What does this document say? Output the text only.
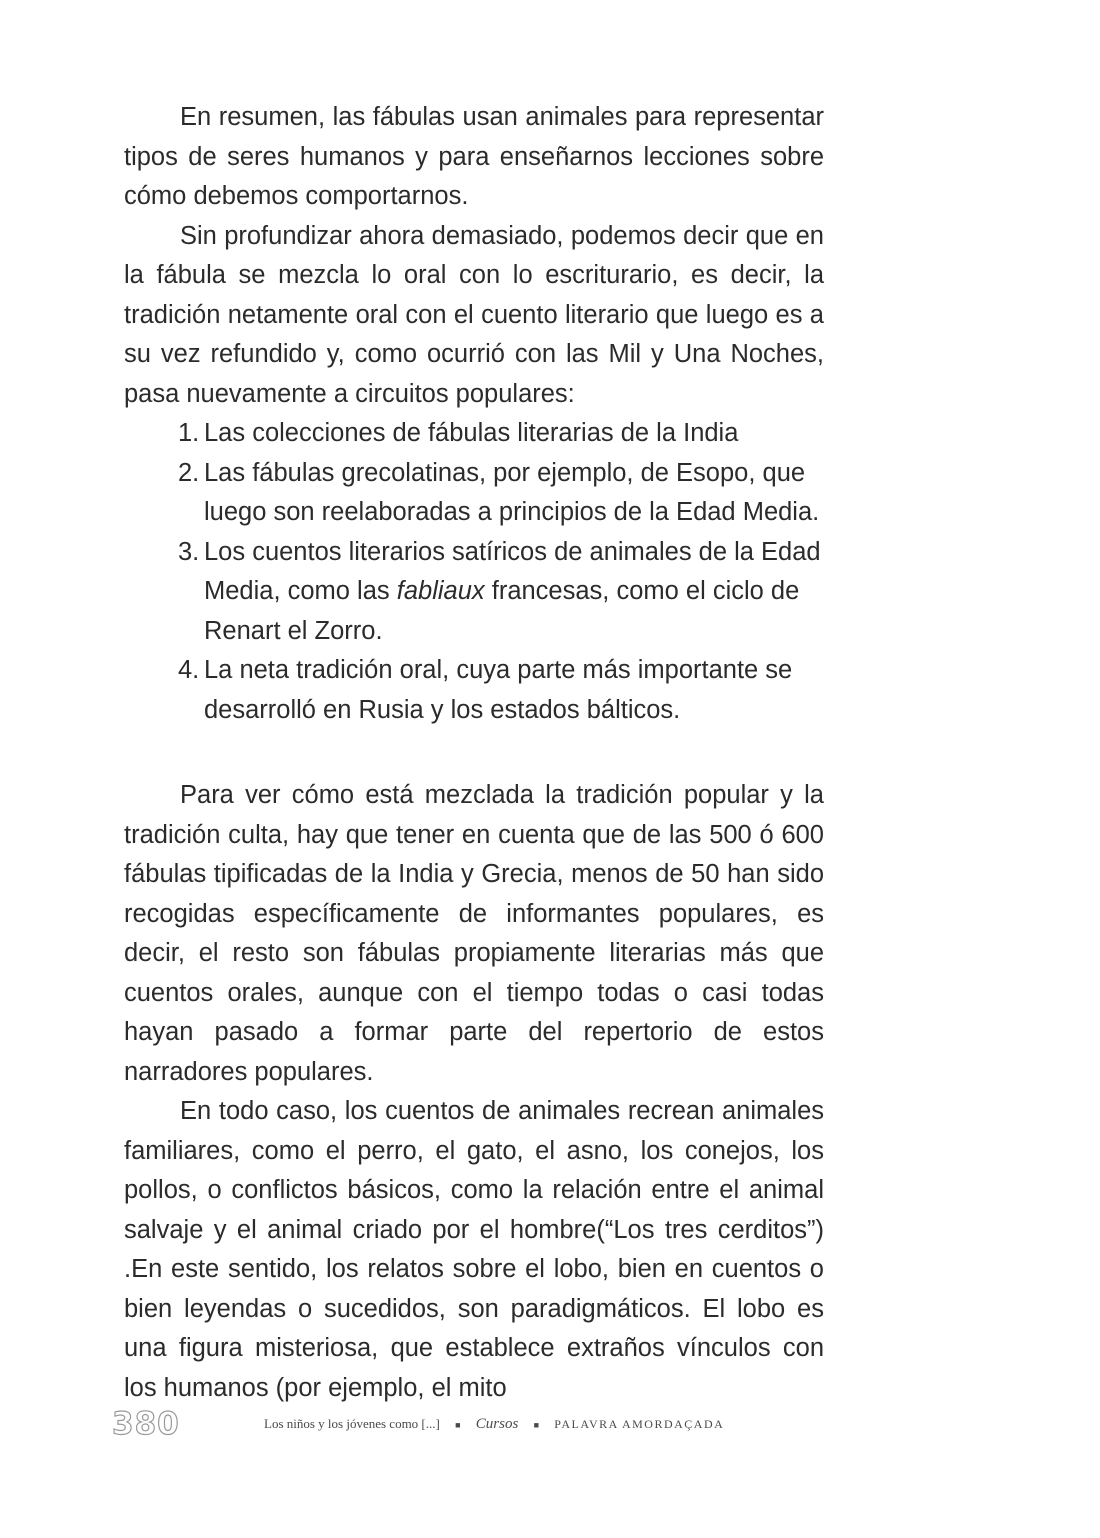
En resumen, las fábulas usan animales para representar tipos de seres humanos y para enseñarnos lecciones sobre cómo debemos comportarnos.

Sin profundizar ahora demasiado, podemos decir que en la fábula se mezcla lo oral con lo escriturario, es decir, la tradición netamente oral con el cuento literario que luego es a su vez refundido y, como ocurrió con las Mil y Una Noches, pasa nuevamente a circuitos populares:

1. Las colecciones de fábulas literarias de la India
2. Las fábulas grecolatinas, por ejemplo, de Esopo, que luego son reelaboradas a principios de la Edad Media.
3. Los cuentos literarios satíricos de animales de la Edad Media, como las fabliaux francesas, como el ciclo de Renart el Zorro.
4. La neta tradición oral, cuya parte más importante se desarrolló en Rusia y los estados bálticos.

Para ver cómo está mezclada la tradición popular y la tradición culta, hay que tener en cuenta que de las 500 ó 600 fábulas tipificadas de la India y Grecia, menos de 50 han sido recogidas específicamente de informantes populares, es decir, el resto son fábulas propiamente literarias más que cuentos orales, aunque con el tiempo todas o casi todas hayan pasado a formar parte del repertorio de estos narradores populares.

En todo caso, los cuentos de animales recrean animales familiares, como el perro, el gato, el asno, los conejos, los pollos, o conflictos básicos, como la relación entre el animal salvaje y el animal criado por el hombre(“Los tres cerditos”) .En este sentido, los relatos sobre el lobo, bien en cuentos o bien leyendas o sucedidos, son paradigmáticos. El lobo es una figura misteriosa, que establece extraños vínculos con los humanos (por ejemplo, el mito

380	Los niños y los jóvenes como [...] ■ Cursos ■ PALAVRA AMORDAÇADA
